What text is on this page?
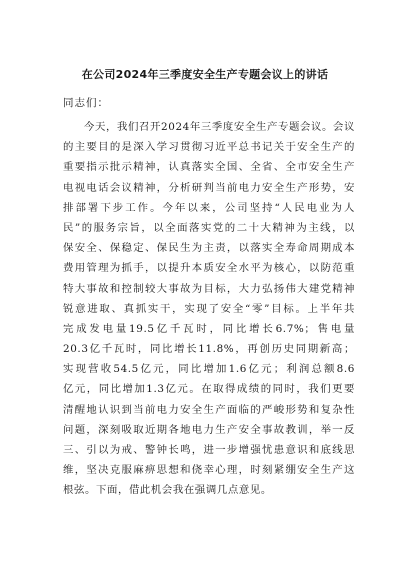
在公司2024年三季度安全生产专题会议上的讲话
同志们：
今天，我们召开2024年三季度安全生产专题会议。会议
的主要目的是深入学习贯彻习近平总书记关于安全生产的
重要指示批示精神，认真落实全国、全省、全市安全生产
电视电话会议精神，分析研判当前电力安全生产形势，安
排部署下步工作。今年以来，公司坚持“人民电业为人
民”的服务宗旨，以全面落实党的二十大精神为主线，以
保安全、保稳定、保民生为主责，以落实全寿命周期成本
费用管理为抓手，以提升本质安全水平为核心，以防范重
特大事故和控制较大事故为目标，大力弘扬伟大建党精神
锐意进取、真抓实干，实现了安全“零”目标。上半年共
完成发电量19.5亿千瓦时，同比增长6.7%；售电量
20.3亿千瓦时，同比增长11.8%，再创历史同期新高；
实现营收54.5亿元，同比增加1.6亿元；利润总额8.6
亿元，同比增加1.3亿元。在取得成绩的同时，我们更要
清醒地认识到当前电力安全生产面临的严峻形势和复杂性
问题，深刻吸取近期各地电力生产安全事故教训，举一反
三、引以为戒、警钟长鸣，进一步增强忧患意识和底线思
维，坚决克服麻痹思想和侥幸心理，时刻紧绷安全生产这
根弦。下面，借此机会我在强调几点意见。
